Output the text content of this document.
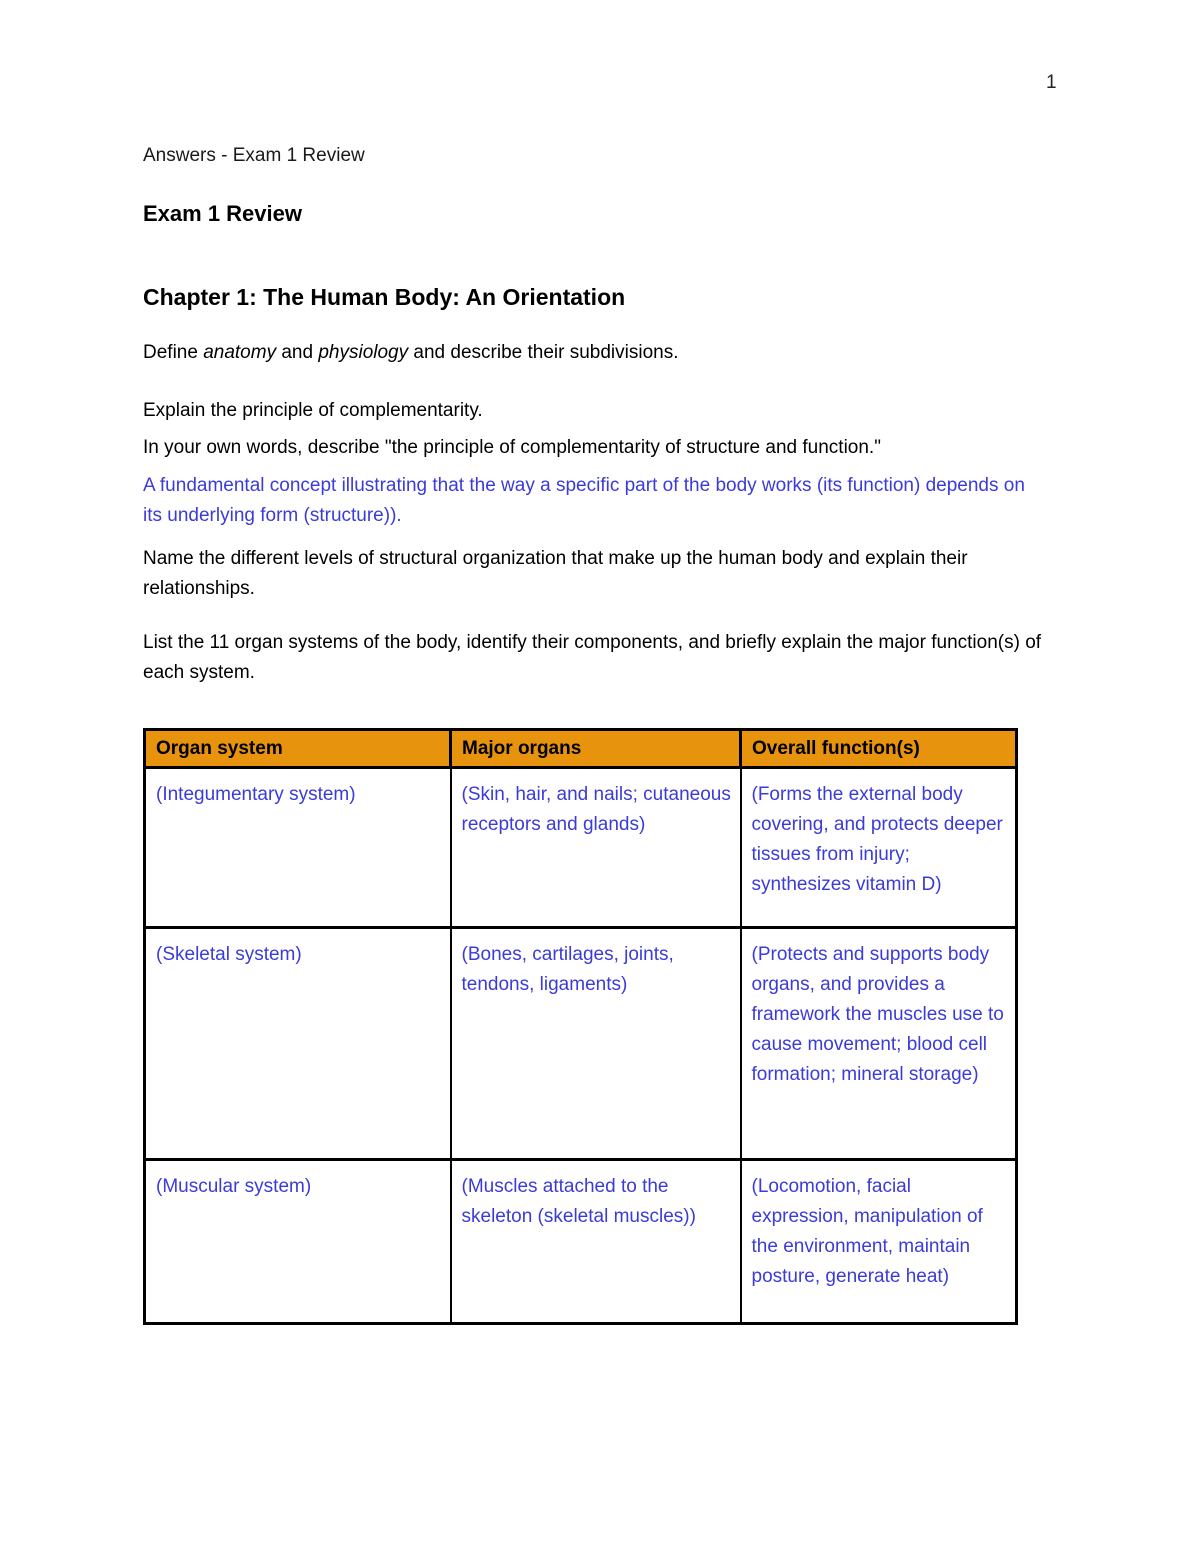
1

Answers - Exam 1 Review

Exam 1 Review
Chapter 1: The Human Body: An Orientation

Define anatomy and physiology and describe their subdivisions.

Explain the principle of complementarity.

In your own words, describe "the principle of complementarity of structure and function."

A fundamental concept illustrating that the way a specific part of the body works (its function) depends on its underlying form (structure)).

Name the different levels of structural organization that make up the human body and explain their relationships.

List the 11 organ systems of the body, identify their components, and briefly explain the major function(s) of each system.

Organ system	Major organs	Overall function(s)
(Integumentary system)	(Skin, hair, and nails; cutaneous receptors and glands)	(Forms the external body covering, and protects deeper tissues from injury; synthesizes vitamin D)
(Skeletal system)	(Bones, cartilages, joints, tendons, ligaments)	(Protects and supports body organs, and provides a framework the muscles use to cause movement; blood cell formation; mineral storage)
(Muscular system)	(Muscles attached to the skeleton (skeletal muscles))	(Locomotion, facial expression, manipulation of the environment, maintain posture, generate heat)
